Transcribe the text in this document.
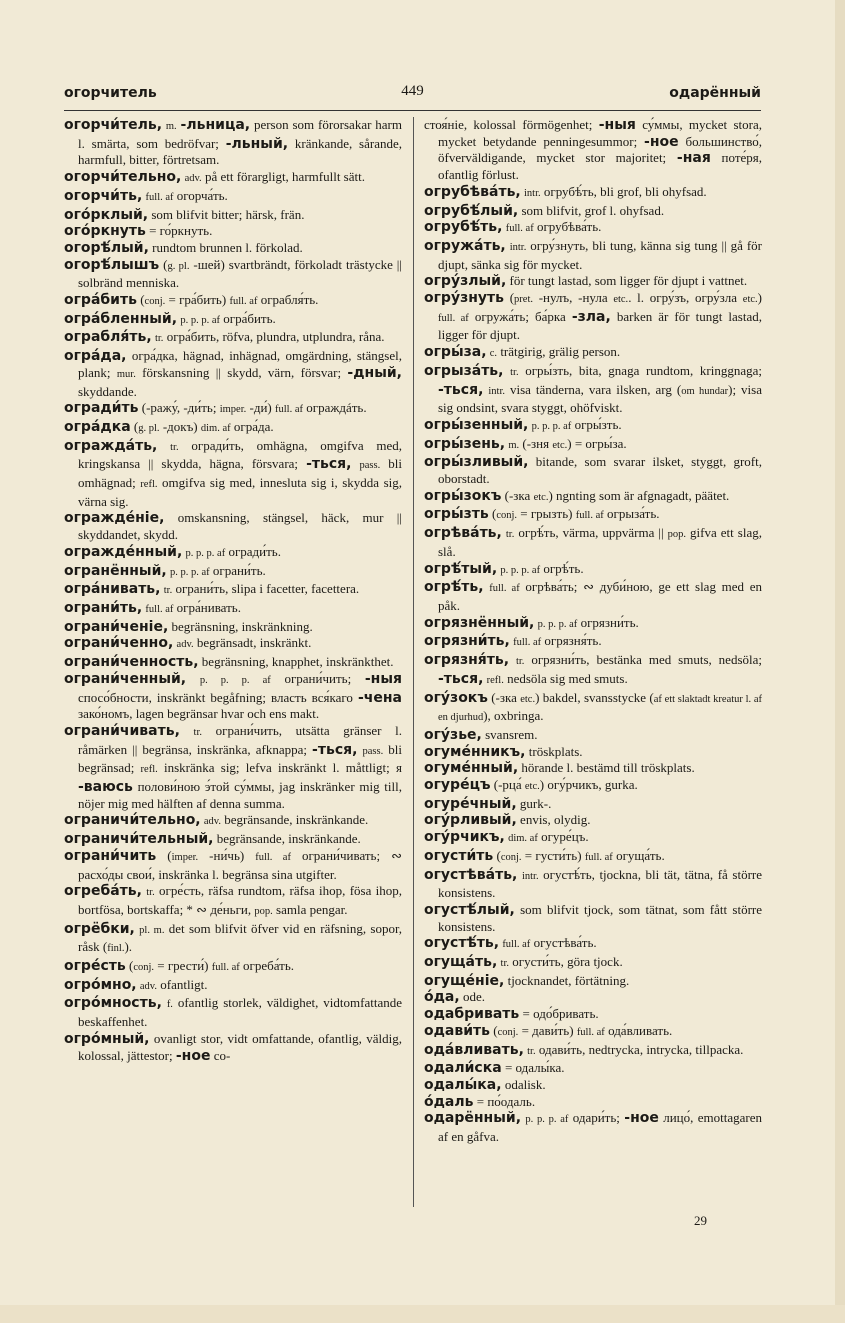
огорчитель	449	одарённый

огорчи́тель, m. -льница, person som förorsakar harm l. smärta, som bedröfvar; -льный, kränkande, sårande, harmfull, bitter, förtretsam.

огорчи́тельно, adv. på ett förargligt, harmfullt sätt.

огорчи́ть, full. af огорча́ть.

ого́рклый, som blifvit bitter; härsk, frän.

ого́ркнуть = го́ркнуть.

огорѣ́лый, rundtom brunnen l. förkolad.

огорѣ́лышъ (g. pl. -шей) svartbrändt, förkoladt trästycke || solbränd menniska.

огра́бить (conj. = гра́бить) full. af ограбля́ть.

огра́бленный, p. p. p. af огра́бить.

ограбля́ть, tr. огра́бить, röfva, plundra, utplundra, råna.

огра́да, огра́дка, hägnad, inhägnad, omgärdning, stängsel, plank; mur. förskansning || skydd, värn, försvar; -дный, skyddande.

огради́ть (-ражу́, -ди́ть; imper. -ди́) full. af ограждáть.

огра́дка (g. pl. -докъ) dim. af огра́да.

огражда́ть, tr. огради́ть, omhägna, omgifva med, kringskansa || skydda, hägna, försvara; -ться, pass. bli omhägnad; refl. omgifva sig med, innesluta sig i, skydda sig, värna sig.

огражде́ніе, omskansning, stängsel, häck, mur || skyddandet, skydd.

огражде́нный, p. p. p. af огради́ть.

огранённый, p. p. p. af ограни́ть.

огра́нивать, tr. ограни́ть, slipa i facetter, facettera.

ограни́ть, full. af огра́нивать.

ограни́ченіе, begränsning, inskränkning.

ограни́ченно, adv. begränsadt, inskränkt.

ограни́ченность, begränsning, knapphet, inskränkthet.

ограни́ченный, p. p. p. af ограни́чить; -ныя спосо́бности, inskränkt begåfning; власть вся́каго -чена зако́номъ, lagen begränsar hvar och ens makt.

ограни́чивать, tr. ограни́чить, utsätta gränser l. råmärken || begränsa, inskränka, afknappa; -ться, pass. bli begränsad; refl. inskränka sig; lefva inskränkt l. måttligt; я -ваюсь полови́ною э́той су́ммы, jag inskränker mig till, nöjer mig med hälften af denna summa.

ограничи́тельно, adv. begränsande, inskränkande.

ограничи́тельный, begränsande, inskränkande.

ограни́чить (imper. -ни́чь) full. af ограни́чивать; ∾ расхо́ды свои́, inskränka l. begränsa sina utgifter.

огреба́ть, tr. огре́сть, räfsa rundtom, räfsa ihop, fösa ihop, bortfösa, bortskaffa; * ∾ де́ньги, pop. samla pengar.

огрёбки, pl. m. det som blifvit öfver vid en räfsning, sopor, råsk (finl.).

огре́сть (conj. = грести́) full. af огреба́ть.

огро́мно, adv. ofantligt.

огро́мность, f. ofantlig storlek, väldighet, vidtomfattande beskaffenhet.

огро́мный, ovanligt stor, vidt omfattande, ofantlig, väldig, kolossal, jättestor; -ное со-

стоя́ніе, kolossal förmögenhet; -ныя су́ммы, mycket stora, mycket betydande penningesummor; -ное большинство́, öfverväldigande, mycket stor majoritet; -ная поте́ря, ofantlig förlust.

огрубѣва́ть, intr. огрубѣ́ть, bli grof, bli ohyfsad.

огрубѣ́лый, som blifvit, grof l. ohyfsad.

огрубѣ́ть, full. af огрубѣва́ть.

огружа́ть, intr. огру́знуть, bli tung, känna sig tung || gå för djupt, sänka sig för mycket.

огру́злый, för tungt lastad, som ligger för djupt i vattnet.

огру́знуть (pret. -нулъ, -нула etc.. l. огру́зъ, огру́зла etc.) full. af огружа́ть; ба́рка -зла, barken är för tungt lastad, ligger för djupt.

огры́за, c. trätgirig, grälig person.

огрыза́ть, tr. огры́зть, bita, gnaga rundtom, kringgnaga; -ться, intr. visa tänderna, vara ilsken, arg (om hundar); visa sig ondsint, svara styggt, ohöfviskt.

огры́зенный, p. p. p. af огры́зть.

огры́зень, m. (-зня etc.) = огры́за.

огры́зливый, bitande, som svarar ilsket, styggt, groft, oborstadt.

огры́зокъ (-зка etc.) ngnting som är afgnagadt, päätet.

огры́зть (conj. = грызть) full. af огрыза́ть.

огрѣва́ть, tr. огрѣ́ть, värma, uppvärma || pop. gifva ett slag, slå.

огрѣ́тый, p. p. p. af огрѣ́ть.

огрѣ́ть, full. af огрѣва́ть; ∾ дуби́ною, ge ett slag med en påk.

огрязнённый, p. p. p. af огрязни́ть.

огрязни́ть, full. af огрязня́ть.

огрязня́ть, tr. огрязни́ть, bestänka med smuts, nedsöla; -ться, refl. nedsöla sig med smuts.

огу́зокъ (-зка etc.) bakdel, svansstycke (af ett slaktadt kreatur l. af en djurhud), oxbringa.

огу́зье, svansrem.

огуме́нникъ, tröskplats.

огуме́нный, hörande l. bestämd till tröskplats.

огуре́цъ (-рца́ etc.) огу́рчикъ, gurka.

огуре́чный, gurk-.

огу́рливый, envis, olydig.

огу́рчикъ, dim. af огуре́цъ.

огусти́ть (conj. = густи́ть) full. af огуща́ть.

огустѣва́ть, intr. огустѣ́ть, tjockna, bli tät, tätna, få större konsistens.

огустѣ́лый, som blifvit tjock, som tätnat, som fått större konsistens.

огустѣ́ть, full. af огустѣва́ть.

огуща́ть, tr. огусти́ть, göra tjock.

огуще́ніе, tjocknandet, förtätning.

о́да, ode.

одабривать = одо́бривать.

одави́ть (conj. = дави́ть) full. af ода́вливать.

ода́вливать, tr. одави́ть, nedtrycka, intrycka, tillpacka.

одали́ска = одалы́ка.

одалы́ка, odalisk.

о́даль = по́одаль.

одарённый, p. p. p. af одари́ть; -ное лицо́, emottagaren af en gåfva.

29
